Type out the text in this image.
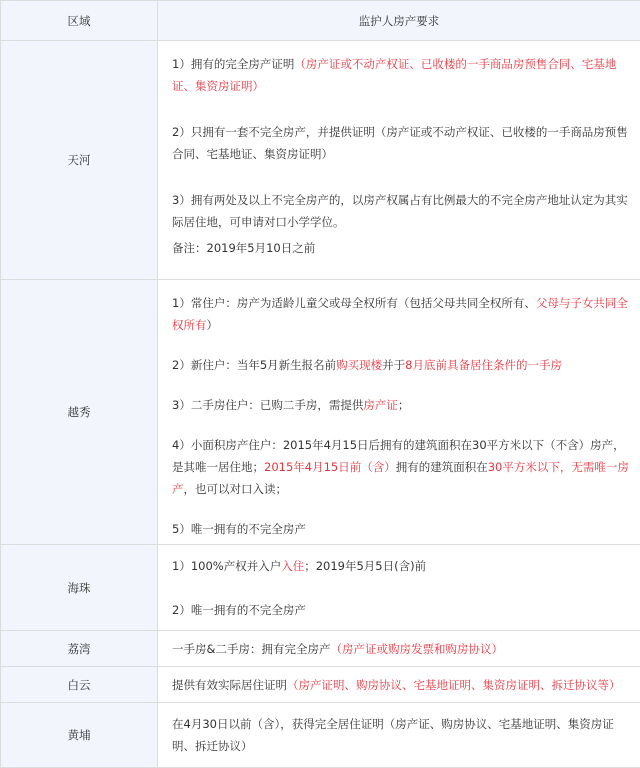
区域	监护人房产要求
天河	1）拥有的完全房产证明（房产证或不动产权证、已收楼的一手商品房预售合同、宅基地证、集资房证明）

2）只拥有一套不完全房产，并提供证明（房产证或不动产权证、已收楼的一手商品房预售合同、宅基地证、集资房证明）

3）拥有两处及以上不完全房产的，以房产权属占有比例最大的不完全房产地址认定为其实际居住地，可申请对口小学学位。

备注：2019年5月10日之前

越秀	1）常住户：房产为适龄儿童父或母全权所有（包括父母共同全权所有、父母与子女共同全权所有）

2）新住户：当年5月新生报名前购买现楼并于8月底前具备居住条件的一手房

3）二手房住户：已购二手房，需提供房产证；

4）小面积房产住户：2015年4月15日后拥有的建筑面积在30平方米以下（不含）房产，是其唯一居住地；2015年4月15日前（含）拥有的建筑面积在30平方米以下，无需唯一房产，也可以对口入读；

5）唯一拥有的不完全房产

海珠	1）100%产权并入户入住；2019年5月5日(含)前

2）唯一拥有的不完全房产

荔湾	一手房&二手房：拥有完全房产（房产证或购房发票和购房协议）

白云	提供有效实际居住证明（房产证明、购房协议、宅基地证明、集资房证明、拆迁协议等）

黄埔	在4月30日以前（含），获得完全居住证明（房产证、购房协议、宅基地证明、集资房证明、拆迁协议）
